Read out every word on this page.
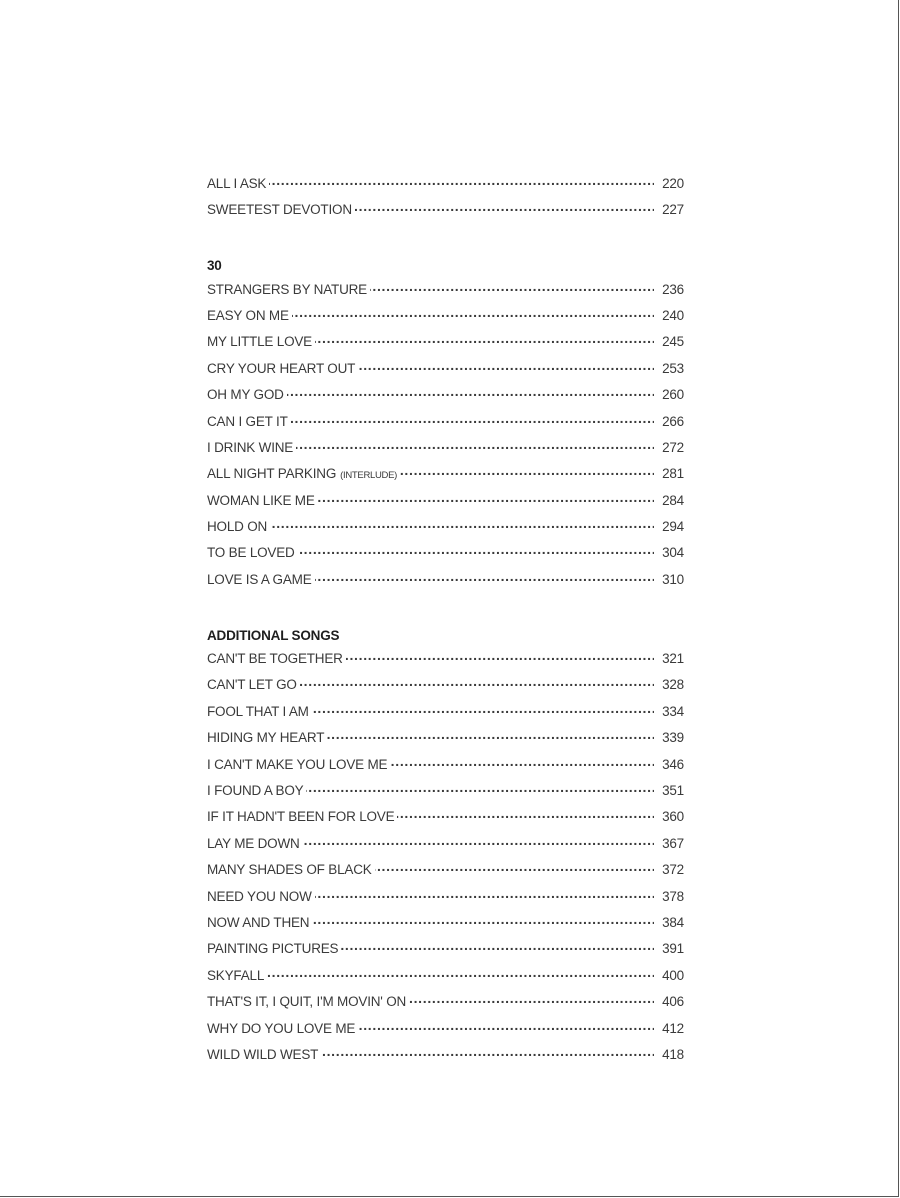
ALL I ASK . . .	220
SWEETEST DEVOTION . . .	227
30
STRANGERS BY NATURE . . .	236
EASY ON ME . . .	240
MY LITTLE LOVE . . .	245
CRY YOUR HEART OUT . . .	253
OH MY GOD . . .	260
CAN I GET IT . . .	266
I DRINK WINE . . .	272
ALL NIGHT PARKING (INTERLUDE) . . .	281
WOMAN LIKE ME . . .	284
HOLD ON . . .	294
TO BE LOVED . . .	304
LOVE IS A GAME . . .	310
ADDITIONAL SONGS
CAN'T BE TOGETHER . . .	321
CAN'T LET GO . . .	328
FOOL THAT I AM . . .	334
HIDING MY HEART . . .	339
I CAN'T MAKE YOU LOVE ME . . .	346
I FOUND A BOY . . .	351
IF IT HADN'T BEEN FOR LOVE . . .	360
LAY ME DOWN . . .	367
MANY SHADES OF BLACK . . .	372
NEED YOU NOW . . .	378
NOW AND THEN . . .	384
PAINTING PICTURES . . .	391
SKYFALL . . .	400
THAT'S IT, I QUIT, I'M MOVIN' ON . . .	406
WHY DO YOU LOVE ME . . .	412
WILD WILD WEST . . .	418
